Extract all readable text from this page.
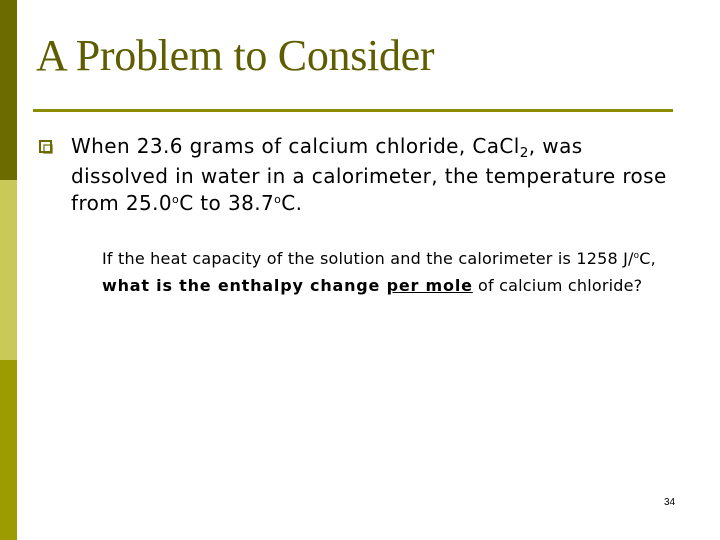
A Problem to Consider
When 23.6 grams of calcium chloride, CaCl$_2$, was dissolved in water in a calorimeter, the temperature rose from 25.0$^o$C to 38.7$^o$C.
If the heat capacity of the solution and the calorimeter is 1258 J/$^o$C, what is the enthalpy change per mole of calcium chloride?
34
